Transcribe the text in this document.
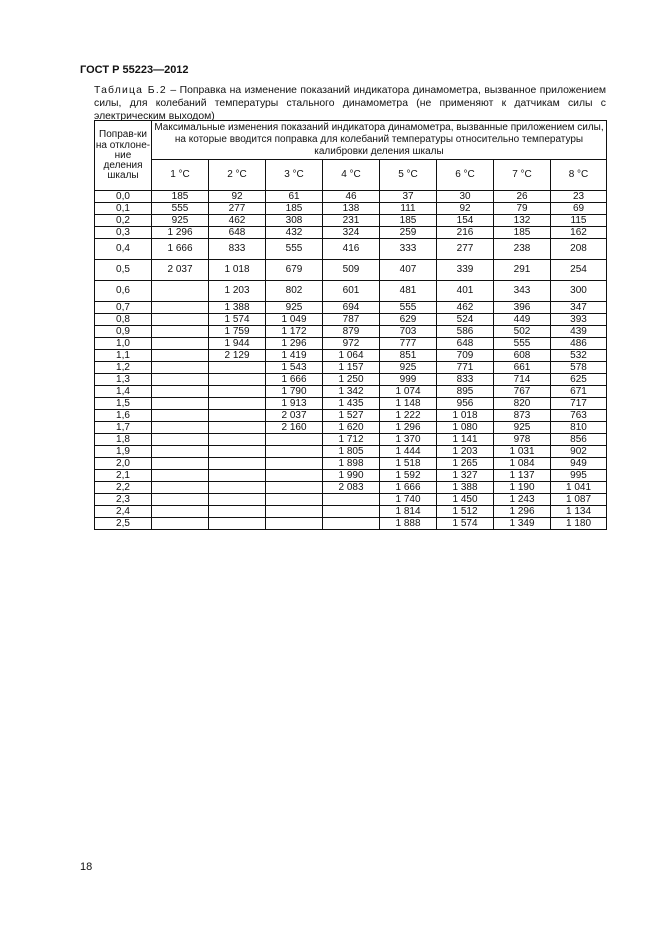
ГОСТ Р 55223—2012
Таблица Б.2 – Поправка на изменение показаний индикатора динамометра, вызванное приложением силы, для колебаний температуры стального динамометра (не применяют к датчикам силы с электрическим выходом)
Поправ-ки на отклоне-ние деления шкалы	Максимальные изменения показаний индикатора динамометра, вызванные приложением силы, на которые вводится поправка для колебаний температуры относительно температуры калибровки деления шкалы							
	1 °C	2 °C	3 °C	4 °C	5 °C	6 °C	7 °C	8 °C
0,0	185	92	61	46	37	30	26	23
0,1	555	277	185	138	111	92	79	69
0,2	925	462	308	231	185	154	132	115
0,3	1 296	648	432	324	259	216	185	162
0,4	1 666	833	555	416	333	277	238	208
0,5	2 037	1 018	679	509	407	339	291	254
0,6		1 203	802	601	481	401	343	300
0,7		1 388	925	694	555	462	396	347
0,8		1 574	1 049	787	629	524	449	393
0,9		1 759	1 172	879	703	586	502	439
1,0		1 944	1 296	972	777	648	555	486
1,1		2 129	1 419	1 064	851	709	608	532
1,2			1 543	1 157	925	771	661	578
1,3			1 666	1 250	999	833	714	625
1,4			1 790	1 342	1 074	895	767	671
1,5			1 913	1 435	1 148	956	820	717
1,6			2 037	1 527	1 222	1 018	873	763
1,7			2 160	1 620	1 296	1 080	925	810
1,8				1 712	1 370	1 141	978	856
1,9				1 805	1 444	1 203	1 031	902
2,0				1 898	1 518	1 265	1 084	949
2,1				1 990	1 592	1 327	1 137	995
2,2				2 083	1 666	1 388	1 190	1 041
2,3					1 740	1 450	1 243	1 087
2,4					1 814	1 512	1 296	1 134
2,5					1 888	1 574	1 349	1 180
18
